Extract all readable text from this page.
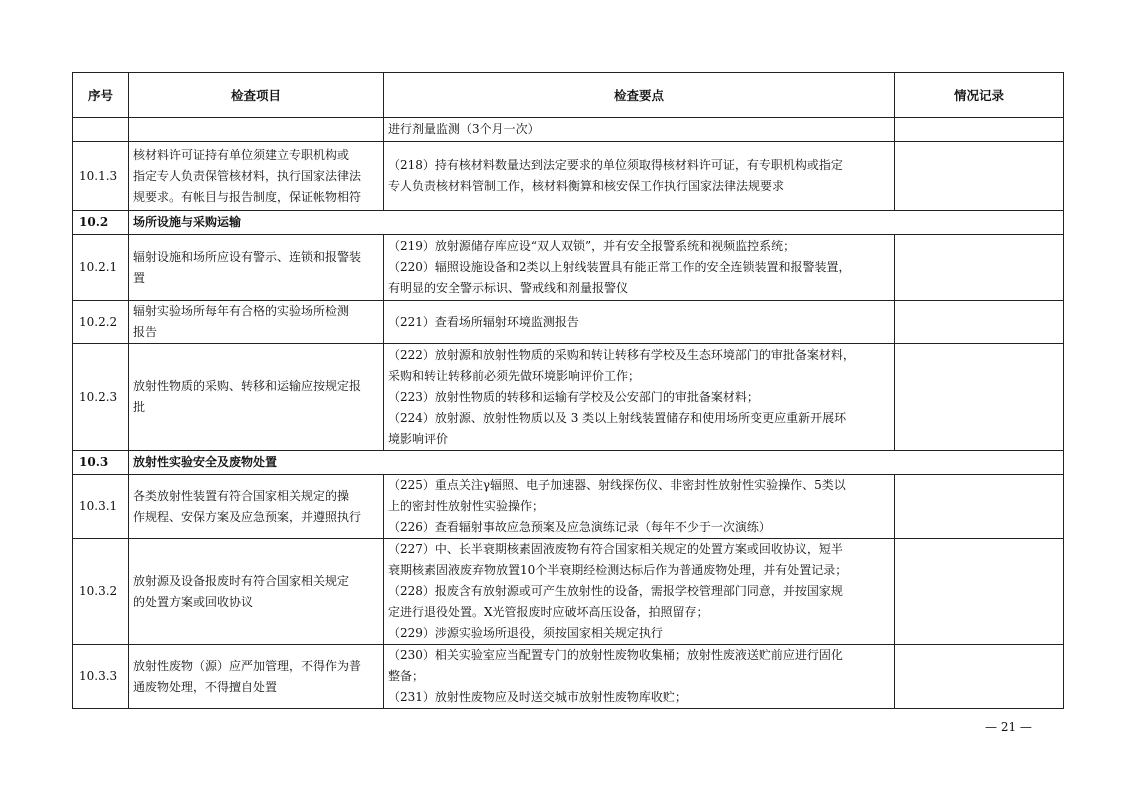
序号	检查项目	检查要点	情况记录

		进行剂量监测（3个月一次）	

10.1.3	核材料许可证持有单位须建立专职机构或
指定专人负责保管核材料，执行国家法律法
规要求。有帐目与报告制度，保证帐物相符	（218）持有核材料数量达到法定要求的单位须取得核材料许可证，有专职机构或指定
专人负责核材料管制工作，核材料衡算和核安保工作执行国家法律法规要求	

10.2	场所设施与采购运输		

10.2.1	辐射设施和场所应设有警示、连锁和报警装
置	（219）放射源储存库应设“双人双锁”，并有安全报警系统和视频监控系统；
（220）辐照设施设备和2类以上射线装置具有能正常工作的安全连锁装置和报警装置，
有明显的安全警示标识、警戒线和剂量报警仪	

10.2.2	辐射实验场所每年有合格的实验场所检测
报告	（221）查看场所辐射环境监测报告	

10.2.3	放射性物质的采购、转移和运输应按规定报
批	（222）放射源和放射性物质的采购和转让转移有学校及生态环境部门的审批备案材料，
采购和转让转移前必须先做环境影响评价工作；
（223）放射性物质的转移和运输有学校及公安部门的审批备案材料；
（224）放射源、放射性物质以及 3 类以上射线装置储存和使用场所变更应重新开展环
境影响评价	

10.3	放射性实验安全及废物处置		

10.3.1	各类放射性装置有符合国家相关规定的操
作规程、安保方案及应急预案，并遵照执行	（225）重点关注γ辐照、电子加速器、射线探伤仪、非密封性放射性实验操作、5类以
上的密封性放射性实验操作；
（226）查看辐射事故应急预案及应急演练记录（每年不少于一次演练）	

10.3.2	放射源及设备报废时有符合国家相关规定
的处置方案或回收协议	（227）中、长半衰期核素固液废物有符合国家相关规定的处置方案或回收协议，短半
衰期核素固液废弃物放置10个半衰期经检测达标后作为普通废物处理，并有处置记录；
（228）报废含有放射源或可产生放射性的设备，需报学校管理部门同意，并按国家规
定进行退役处置。X光管报废时应破坏高压设备，拍照留存；
（229）涉源实验场所退役，须按国家相关规定执行	

10.3.3	放射性废物（源）应严加管理，不得作为普
通废物处理，不得擅自处置	（230）相关实验室应当配置专门的放射性废物收集桶；放射性废液送贮前应进行固化
整备；
（231）放射性废物应及时送交城市放射性废物库收贮；	

— 21 —
